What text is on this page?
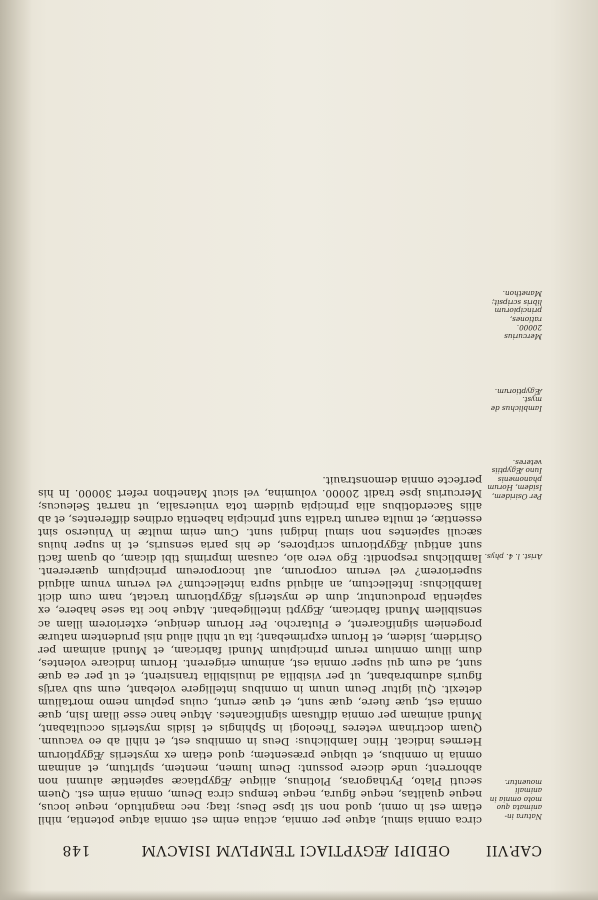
CAP.VII
OEDIPI ÆGYPTIACI TEMPLVM ISIACVM
148

circa omnia simul, atque per omnia, actiua enim est omnia atque potentia, nihil etiam est in omni, quod non sit ipse Deus; itaq; nec magnitudo, neque locus, neque qualitas, neque figura, neque tempus circa Deum, omnia enim est. Quem secuti Plato, Pythagoras, Plotinus, aliique Ægyptiacæ sapientiæ alumni non abhorrent; unde dicere possunt: Deum lumen, mentem, spiritum, et animam omnia in omnibus, et ubique præsentem; quod etiam ex mysteriis Ægyptiorum Hermes indicat. Hinc Iamblichus: Deus in omnibus est, et nihil ab eo vacuum. Quam doctrinam veteres Theologi in Sphingis et Isidis mysteriis occultabant, Mundi animam per omnia diffusam significantes. Atque hanc esse illam Isin, quæ omnia est, quæ fuere, quæ sunt, et quæ erunt, cuius peplum nemo mortalium detexit. Qui igitur Deum unum in omnibus intelligere volebant, eum sub varijs figuris adumbrabant, ut per visibilia ad inuisibilia transirent, et ut per ea quæ sunt, ad eum qui super omnia est, animum erigerent. Horum indicare volentes, dum illum omnium rerum principium Mundi fabricam, et Mundi animam per Osiridem, Isidem, et Horum exprimebant; ita ut nihil aliud nisi prudentem naturæ progeniem significarent, e Plutarcho. Per Horum denique, exteriorem illam ac sensibilem Mundi fabricam, Ægypti intelligebant. Atque hoc ita sese habere, ex sapientia producuntur, dum de mysterijs Ægyptiorum tractat, nam cum dicit Iamblichus: Intellectum, an aliquid supra intellectum? vel verum vnum aliquid superiorem? vel verum corporum, aut incorporeum principium quærerent. Iamblichus respondit: Ego vero aio, causam imprimis tibi dicam, ob quam facti sunt antiqui Ægyptiorum scriptores, de his paria sensuris, et in super huius sæculi sapientes non simul indigni sunt. Cum enim multæ in Vniuerso sint essentiæ, et multa earum tradita sunt principia habentia ordines differentes, et ab aliis Sacerdotibus alia principia quidem tota vniuersalia, ut narrat Seleucus; Mercurius ipse tradit 20000. volumina, vel sicut Manethon refert 30000. In his perfecte omnia demonstrauit.

Natura in-animata quo moto omnia in animali mouentur.
Arist. l. 4. phys.
Per Osiridem, Isidem, Horum phanomenis Iuno Ægyptiis veteres.
Iamblichus de myst. Ægyptiorum.
Mercurius 20000. rationes, principiorum libris scripsit; Manethon.
